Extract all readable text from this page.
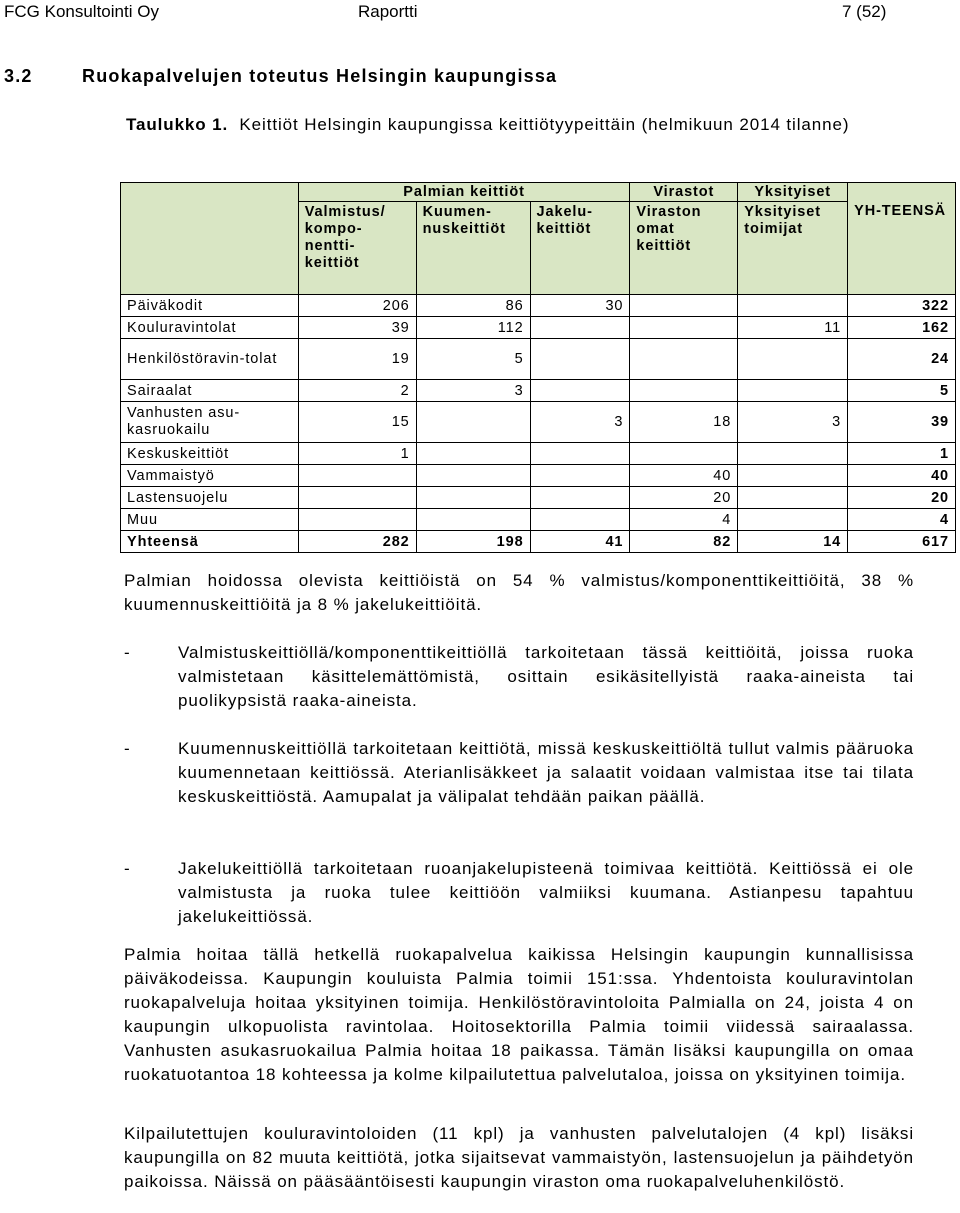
FCG Konsultointi Oy	Raportti	7 (52)
3.2	Ruokapalvelujen toteutus Helsingin kaupungissa
Taulukko 1. Keittiöt Helsingin kaupungissa keittiötyypeittäin (helmikuun 2014 tilanne)
	Palmian keittiöt			Virastot	Yksityiset	YH-TEENSÄ
	Valmistus/ kompo-nentti-keittiöt	Kuumen-nuskeittiöt	Jakelu-keittiöt	Viraston omat keittiöt	Yksityiset toimijat	
Päiväkodit	206	86	30			322
Kouluravintolat	39	112			11	162
Henkilöstöravin-tolat	19	5				24
Sairaalat	2	3				5
Vanhusten asu-kasruokailu	15		3	18	3	39
Keskuskeittiöt	1					1
Vammaistyö				40		40
Lastensuojelu				20		20
Muu				4		4
Yhteensä	282	198	41	82	14	617
Palmian hoidossa olevista keittiöistä on 54 % valmistus/komponenttikeittiöitä, 38 % kuumennuskeittiöitä ja 8 % jakelukeittiöitä.
-	Valmistuskeittiöllä/komponenttikeittiöllä tarkoitetaan tässä keittiöitä, joissa ruoka valmistetaan käsittelemättömistä, osittain esikäsitellyistä raaka-aineista tai puolikypsistä raaka-aineista.
-	Kuumennuskeittiöllä tarkoitetaan keittiötä, missä keskuskeittiöltä tullut valmis pääruoka kuumennetaan keittiössä. Aterianlisäkkeet ja salaatit voidaan valmistaa itse tai tilata keskuskeittiöstä. Aamupalat ja välipalat tehdään paikan päällä.
-	Jakelukeittiöllä tarkoitetaan ruoanjakelupisteenä toimivaa keittiötä. Keittiössä ei ole valmistusta ja ruoka tulee keittiöön valmiiksi kuumana. Astianpesu tapahtuu jakelukeittiössä.
Palmia hoitaa tällä hetkellä ruokapalvelua kaikissa Helsingin kaupungin kunnallisissa päiväkodeissa. Kaupungin kouluista Palmia toimii 151:ssa. Yhdentoista kouluravintolan ruokapalveluja hoitaa yksityinen toimija. Henkilöstöravintoloita Palmialla on 24, joista 4 on kaupungin ulkopuolista ravintolaa. Hoitosektorilla Palmia toimii viidessä sairaalassa. Vanhusten asukasruokailua Palmia hoitaa 18 paikassa. Tämän lisäksi kaupungilla on omaa ruokatuotantoa 18 kohteessa ja kolme kilpailutettua palvelutaloa, joissa on yksityinen toimija.
Kilpailutettujen kouluravintoloiden (11 kpl) ja vanhusten palvelutalojen (4 kpl) lisäksi kaupungilla on 82 muuta keittiötä, jotka sijaitsevat vammaistyön, lastensuojelun ja päihdetyön paikoissa. Näissä on pääsääntöisesti kaupungin viraston oma ruokapalveluhenkilöstö.
